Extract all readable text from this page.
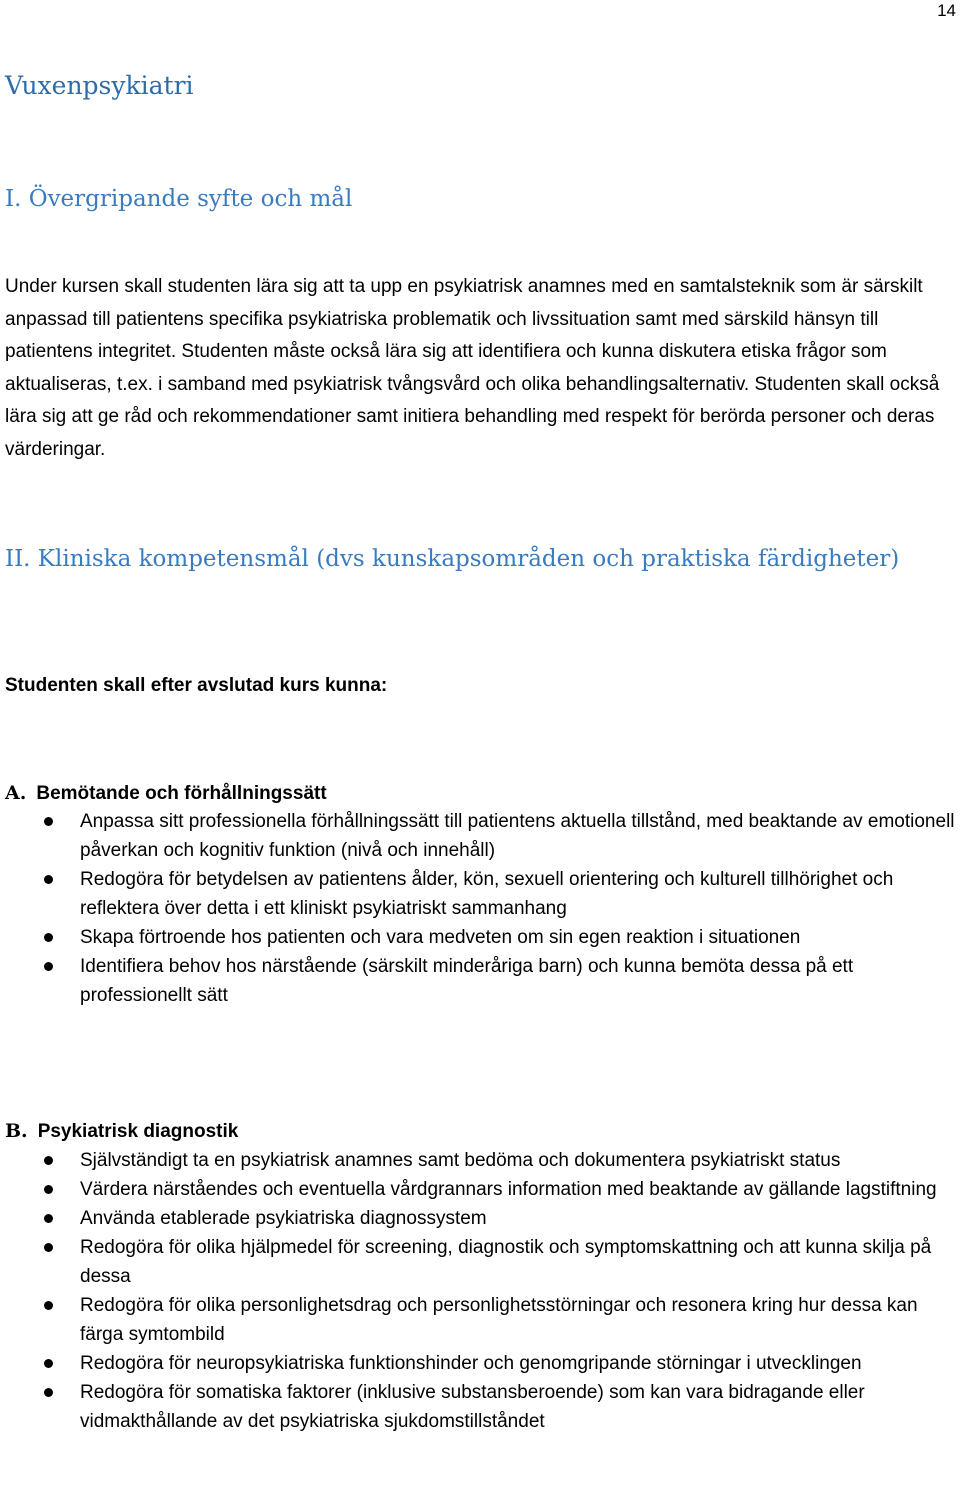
14
Vuxenpsykiatri
I. Övergripande syfte och mål

Under kursen skall studenten lära sig att ta upp en psykiatrisk anamnes med en samtalsteknik som är särskilt anpassad till patientens specifika psykiatriska problematik och livssituation samt med särskild hänsyn till patientens integritet. Studenten måste också lära sig att identifiera och kunna diskutera etiska frågor som aktualiseras, t.ex. i samband med psykiatrisk tvångsvård och olika behandlingsalternativ. Studenten skall också lära sig att ge råd och rekommendationer samt initiera behandling med respekt för berörda personer och deras värderingar.

II. Kliniska kompetensmål (dvs kunskapsområden och praktiska färdigheter)

Studenten skall efter avslutad kurs kunna:

A. Bemötande och förhållningssätt
Anpassa sitt professionella förhållningssätt till patientens aktuella tillstånd, med beaktande av emotionell påverkan och kognitiv funktion (nivå och innehåll)
Redogöra för betydelsen av patientens ålder, kön, sexuell orientering och kulturell tillhörighet och reflektera över detta i ett kliniskt psykiatriskt sammanhang
Skapa förtroende hos patienten och vara medveten om sin egen reaktion i situationen
Identifiera behov hos närstående (särskilt minderåriga barn) och kunna bemöta dessa på ett professionellt sätt
B. Psykiatrisk diagnostik
Självständigt ta en psykiatrisk anamnes samt bedöma och dokumentera psykiatriskt status
Värdera närståendes och eventuella vårdgrannars information med beaktande av gällande lagstiftning
Använda etablerade psykiatriska diagnossystem
Redogöra för olika hjälpmedel för screening, diagnostik och symptomskattning och att kunna skilja på dessa
Redogöra för olika personlighetsdrag och personlighetsstörningar och resonera kring hur dessa kan färga symtombild
Redogöra för neuropsykiatriska funktionshinder och genomgripande störningar i utvecklingen
Redogöra för somatiska faktorer (inklusive substansberoende) som kan vara bidragande eller vidmakthållande av det psykiatriska sjukdomstillståndet
